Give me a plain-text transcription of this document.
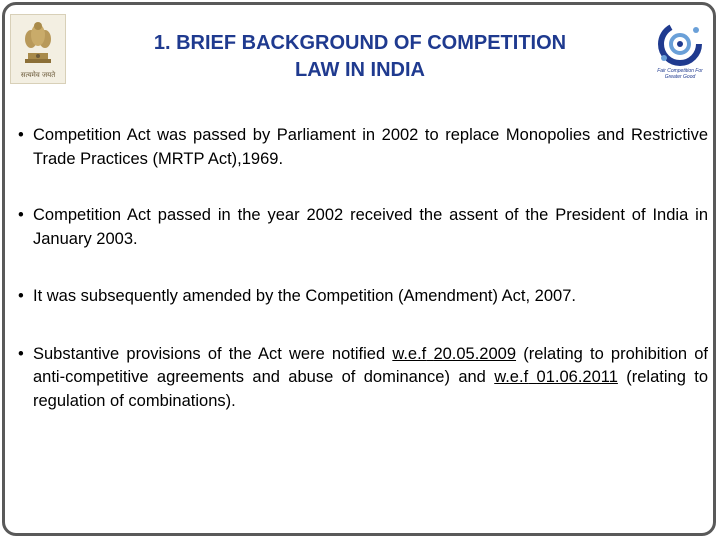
सत्यमेव जयते
1. BRIEF BACKGROUND OF COMPETITION
LAW IN INDIA	Fair Competition For Greater Good
• Competition Act was passed by Parliament in 2002 to replace Monopolies and Restrictive Trade Practices (MRTP Act),1969.
• Competition Act passed in the year 2002 received the assent of the President of India in January 2003.
• It was subsequently amended by the Competition (Amendment) Act, 2007.
• Substantive provisions of the Act were notified w.e.f 20.05.2009 (relating to prohibition of anti-competitive agreements and abuse of dominance) and w.e.f 01.06.2011 (relating to regulation of combinations).
